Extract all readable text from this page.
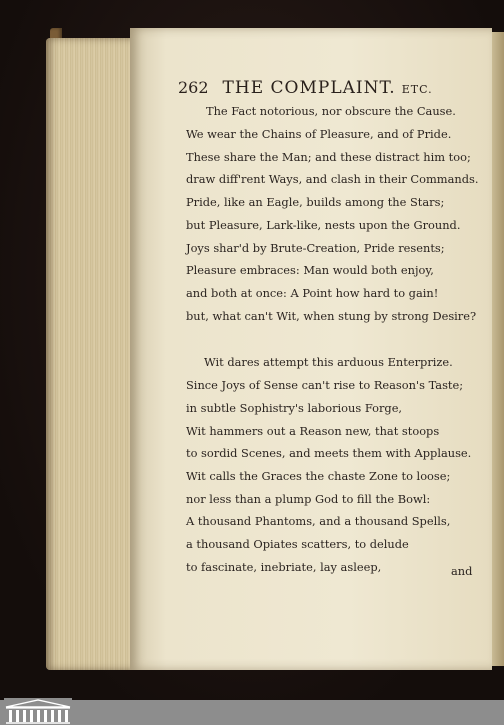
262 THE COMPLAINT. ETC.
The Fact notorious, nor obscure the Cause.
We wear the Chains of Pleasure, and of Pride.
These share the Man; and these distract him too;
draw diff'rent Ways, and clash in their Commands.
Pride, like an Eagle, builds among the Stars;
but Pleasure, Lark-like, nests upon the Ground.
Joys shar'd by Brute-Creation, Pride resents;
Pleasure embraces: Man would both enjoy,
and both at once: A Point how hard to gain!
but, what can't Wit, when stung by strong Desire?
Wit dares attempt this arduous Enterprize.
Since Joys of Sense can't rise to Reason's Taste;
in subtle Sophistry's laborious Forge,
Wit hammers out a Reason new, that stoops
to sordid Scenes, and meets them with Applause.
Wit calls the Graces the chaste Zone to loose;
nor less than a plump God to fill the Bowl:
A thousand Phantoms, and a thousand Spells,
a thousand Opiates scatters, to delude
to fascinate, inebriate, lay asleep,	and
